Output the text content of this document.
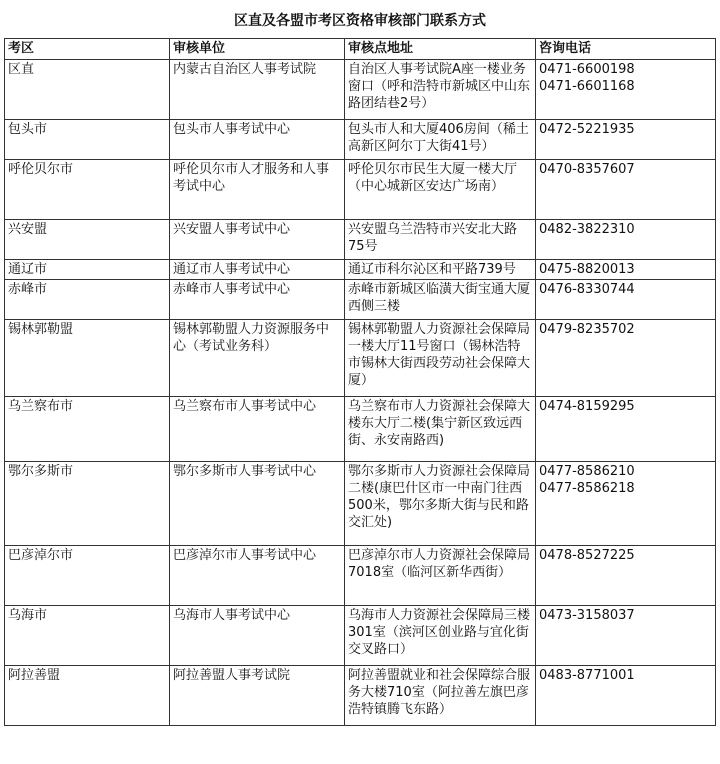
区直及各盟市考区资格审核部门联系方式
考区	审核单位	审核点地址	咨询电话
区直	内蒙古自治区人事考试院	自治区人事考试院A座一楼业务窗口（呼和浩特市新城区中山东路团结巷2号）	0471-6600198
0471-6601168

包头市	包头市人事考试中心	包头市人和大厦406房间（稀土高新区阿尔丁大街41号）	0472-5221935

呼伦贝尔市	呼伦贝尔市人才服务和人事考试中心	呼伦贝尔市民生大厦一楼大厅（中心城新区安达广场南）	0470-8357607

兴安盟	兴安盟人事考试中心	兴安盟乌兰浩特市兴安北大路75号	0482-3822310

通辽市	通辽市人事考试中心	通辽市科尔沁区和平路739号	0475-8820013

赤峰市	赤峰市人事考试中心	赤峰市新城区临潢大街宝通大厦西侧三楼	0476-8330744

锡林郭勒盟	锡林郭勒盟人力资源服务中心（考试业务科）	锡林郭勒盟人力资源社会保障局一楼大厅11号窗口（锡林浩特市锡林大街西段劳动社会保障大厦）	0479-8235702

乌兰察布市	乌兰察布市人事考试中心	乌兰察布市人力资源社会保障大楼东大厅二楼(集宁新区致远西街、永安南路西)	0474-8159295

鄂尔多斯市	鄂尔多斯市人事考试中心	鄂尔多斯市人力资源社会保障局二楼(康巴什区市一中南门往西500米，鄂尔多斯大街与民和路交汇处)	0477-8586210
0477-8586218

巴彦淖尔市	巴彦淖尔市人事考试中心	巴彦淖尔市人力资源社会保障局7018室（临河区新华西街）	0478-8527225

乌海市	乌海市人事考试中心	乌海市人力资源社会保障局三楼301室（滨河区创业路与宜化街交叉路口）	0473-3158037

阿拉善盟	阿拉善盟人事考试院	阿拉善盟就业和社会保障综合服务大楼710室（阿拉善左旗巴彦浩特镇腾飞东路）	0483-8771001
